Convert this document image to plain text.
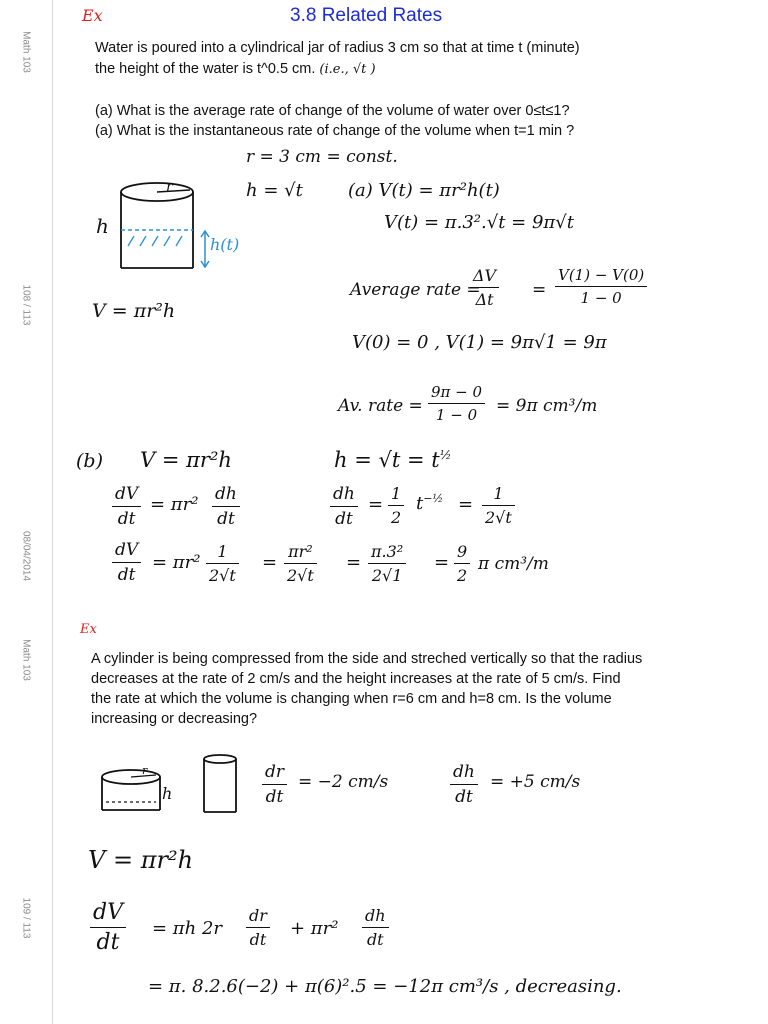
Math 103
108 / 113
08/04/2014
Math 103
109 / 113
Ex	3.8 Related Rates
Water is poured into a cylindrical jar of radius 3 cm so that at time t (minute)
the height of the water is t^0.5 cm. (i.e., √t )
(a) What is the average rate of change of the volume of water over 0≤t≤1?
(a) What is the instantaneous rate of change of the volume when t=1 min ?
r = 3 cm = const.
h = √t
r
h
h(t)
V = πr²h
(a) V(t) = πr²h(t)
V(t) = π.3².√t = 9π√t
Average rate =
$\frac{\Delta V}{\Delta t} = \frac{V(1) - V(0)}{1 - 0}$
V(0) = 0 , V(1) = 9π√1 = 9π
Av. rate = $\frac{9\pi - 0}{1 - 0} = 9\pi$ cm³/m
(b) V = πr²h
$\frac{dV}{dt} = \pi r^2 \frac{dh}{dt}$
$h = √t = t^{\frac{1}{2}}$
$\frac{dh}{dt} = \frac{1}{2} t^{-\frac{1}{2}} = \frac{1}{2√t}$
$\frac{dV}{dt} = \pi r^2 \frac{1}{2√t} = \frac{\text{πr²}}{2√t} = \frac{\text{π.3²}}{2√1} = \frac{9}{2}$ π cm³/m
Ex
A cylinder is being compressed from the side and streched vertically so that the radius
decreases at the rate of 2 cm/s and the height increases at the rate of 5 cm/s. Find
the rate at which the volume is changing when r=6 cm and h=8 cm. Is the volume
increasing or decreasing?
h
r	$\frac{dr}{dt} = -2$ cm/s	$\frac{dh}{dt} = +5$ cm/s
V = πr²h
$\frac{dV}{dt} = \pi h$ $2r \frac{dr}{dt} + \pi r^2 \frac{dh}{dt}$
= π. 8.2.6(−2) + π(6)².5 = −12π cm³/s , decreasing.
